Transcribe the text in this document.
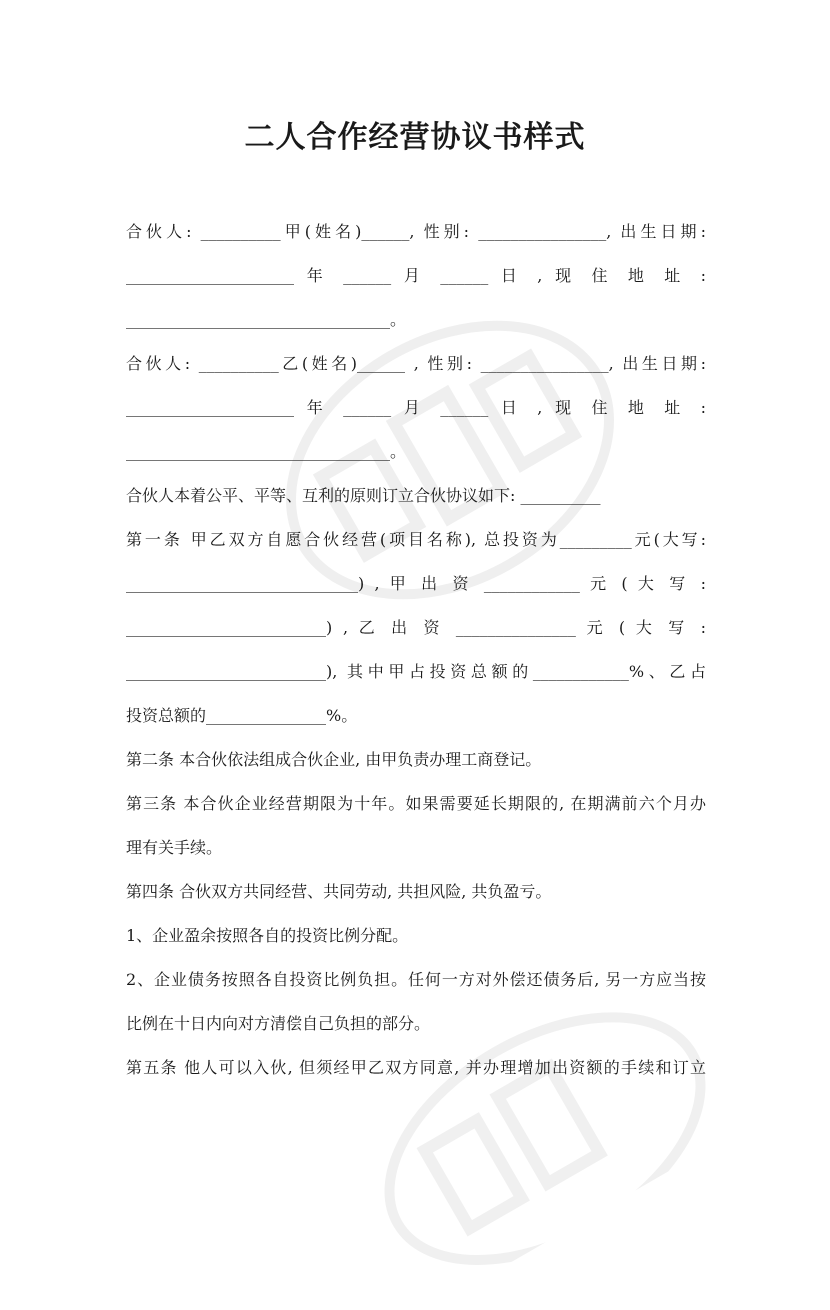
二人合作经营协议书样式
合伙人: __________甲(姓名)______, 性别: ________________, 出生日期:
_____________________ 年 ______ 月 ______ 日 , 现 住 地 址 :
_________________________________。
合伙人: __________乙(姓名)______ , 性别: ________________, 出生日期:
_____________________ 年 ______ 月 ______ 日 , 现 住 地 址 :
_________________________________。
合伙人本着公平、平等、互利的原则订立合伙协议如下: __________
第一条 甲乙双方自愿合伙经营(项目名称), 总投资为_________元(大写:
_____________________________) , 甲 出 资 ____________ 元 ( 大 写 :
_________________________) , 乙 出 资 _______________ 元 ( 大 写 :
_________________________), 其中甲占投资总额的____________%、乙占
投资总额的_______________%。
第二条 本合伙依法组成合伙企业, 由甲负责办理工商登记。
第三条 本合伙企业经营期限为十年。如果需要延长期限的, 在期满前六个月办
理有关手续。
第四条 合伙双方共同经营、共同劳动, 共担风险, 共负盈亏。
1、企业盈余按照各自的投资比例分配。
2、企业债务按照各自投资比例负担。任何一方对外偿还债务后, 另一方应当按
比例在十日内向对方清偿自己负担的部分。
第五条 他人可以入伙, 但须经甲乙双方同意, 并办理增加出资额的手续和订立
